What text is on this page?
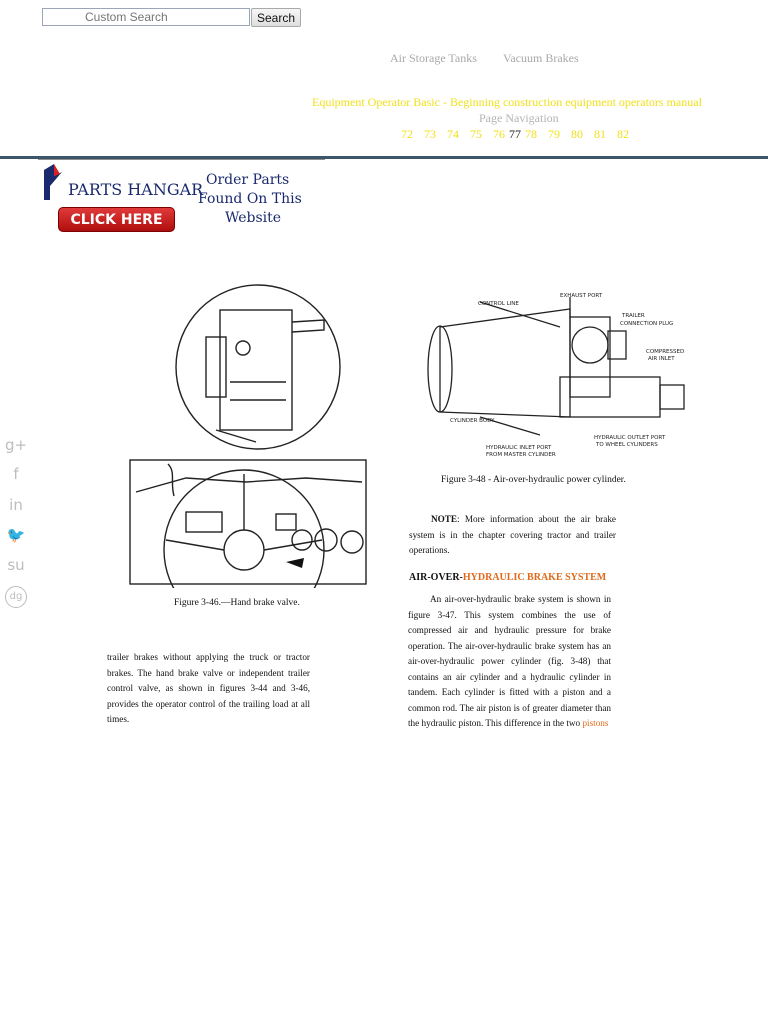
Custom Search
Search
Air Storage Tanks Vacuum Brakes
Equipment Operator Basic - Beginning construction equipment operators manual
Page Navigation
72 73 74 75 76 77 78 79 80 81 82
PARTS HANGAR
CLICK HERE
Order Parts
Found On This
Website
g+
f
in
🐦
su
dg
Figure 3-46.—Hand brake valve.
CONTROL LINE
EXHAUST PORT
TRAILER
CONNECTION PLUG
COMPRESSED
AIR INLET
CYLINDER BODY
HYDRAULIC INLET PORT
FROM MASTER CYLINDER
HYDRAULIC OUTLET PORT
TO WHEEL CYLINDERS
Figure 3-48 - Air-over-hydraulic power cylinder.

trailer brakes without applying the truck or tractor brakes. The hand brake valve or independent trailer control valve, as shown in figures 3-44 and 3-46, provides the operator control of the trailing load at all times.

NOTE: More information about the air brake system is in the chapter covering tractor and trailer operations.

AIR-OVER-HYDRAULIC BRAKE SYSTEM

An air-over-hydraulic brake system is shown in figure 3-47. This system combines the use of compressed air and hydraulic pressure for brake operation. The air-over-hydraulic brake system has an air-over-hydraulic power cylinder (fig. 3-48) that contains an air cylinder and a hydraulic cylinder in tandem. Each cylinder is fitted with a piston and a common rod. The air piston is of greater diameter than the hydraulic piston. This difference in the two pistons
